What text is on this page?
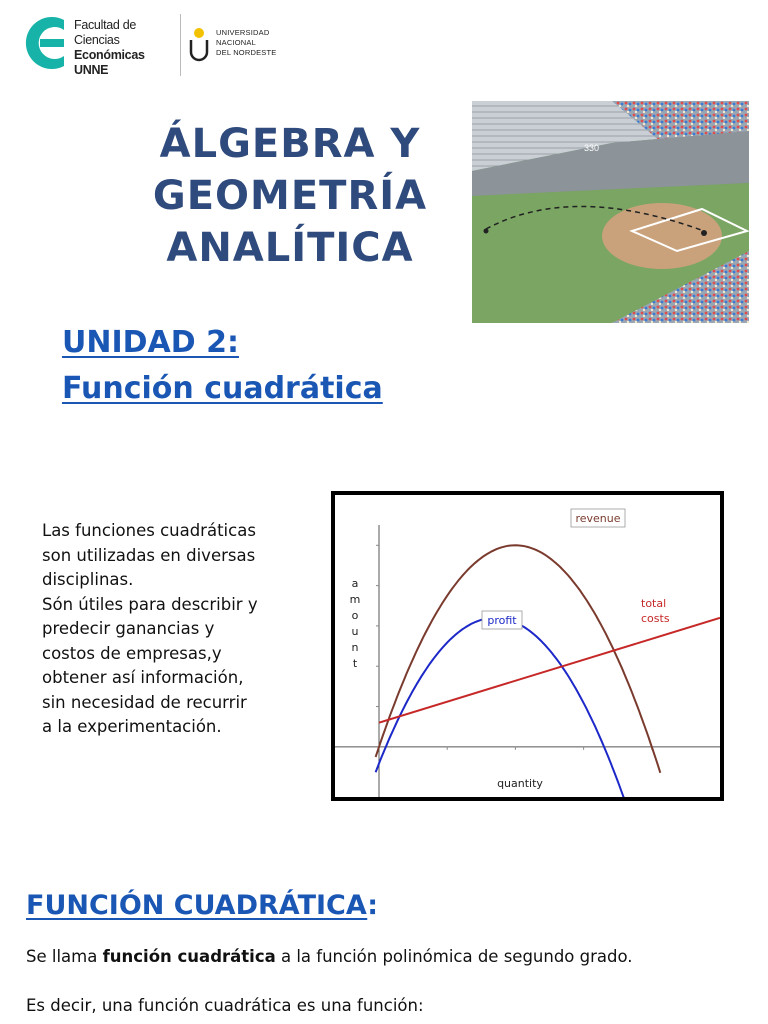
Facultad de
Ciencias Económicas
UNNE
UNIVERSIDAD
NACIONAL
DEL NORDESTE
ÁLGEBRA Y
GEOMETRÍA
ANALÍTICA
330
UNIDAD 2:
Función cuadrática
Las funciones cuadráticas
son utilizadas en diversas
disciplinas.
Són útiles para describir y
predecir ganancias y
costos de empresas,y
obtener así información,
sin necesidad de recurrir
a la experimentación.
quantity
a
m
o
u
n
t
revenue
profit
total
costs
FUNCIÓN CUADRÁTICA:
Se llama función cuadrática a la función polinómica de segundo grado.
Es decir, una función cuadrática es una función:
